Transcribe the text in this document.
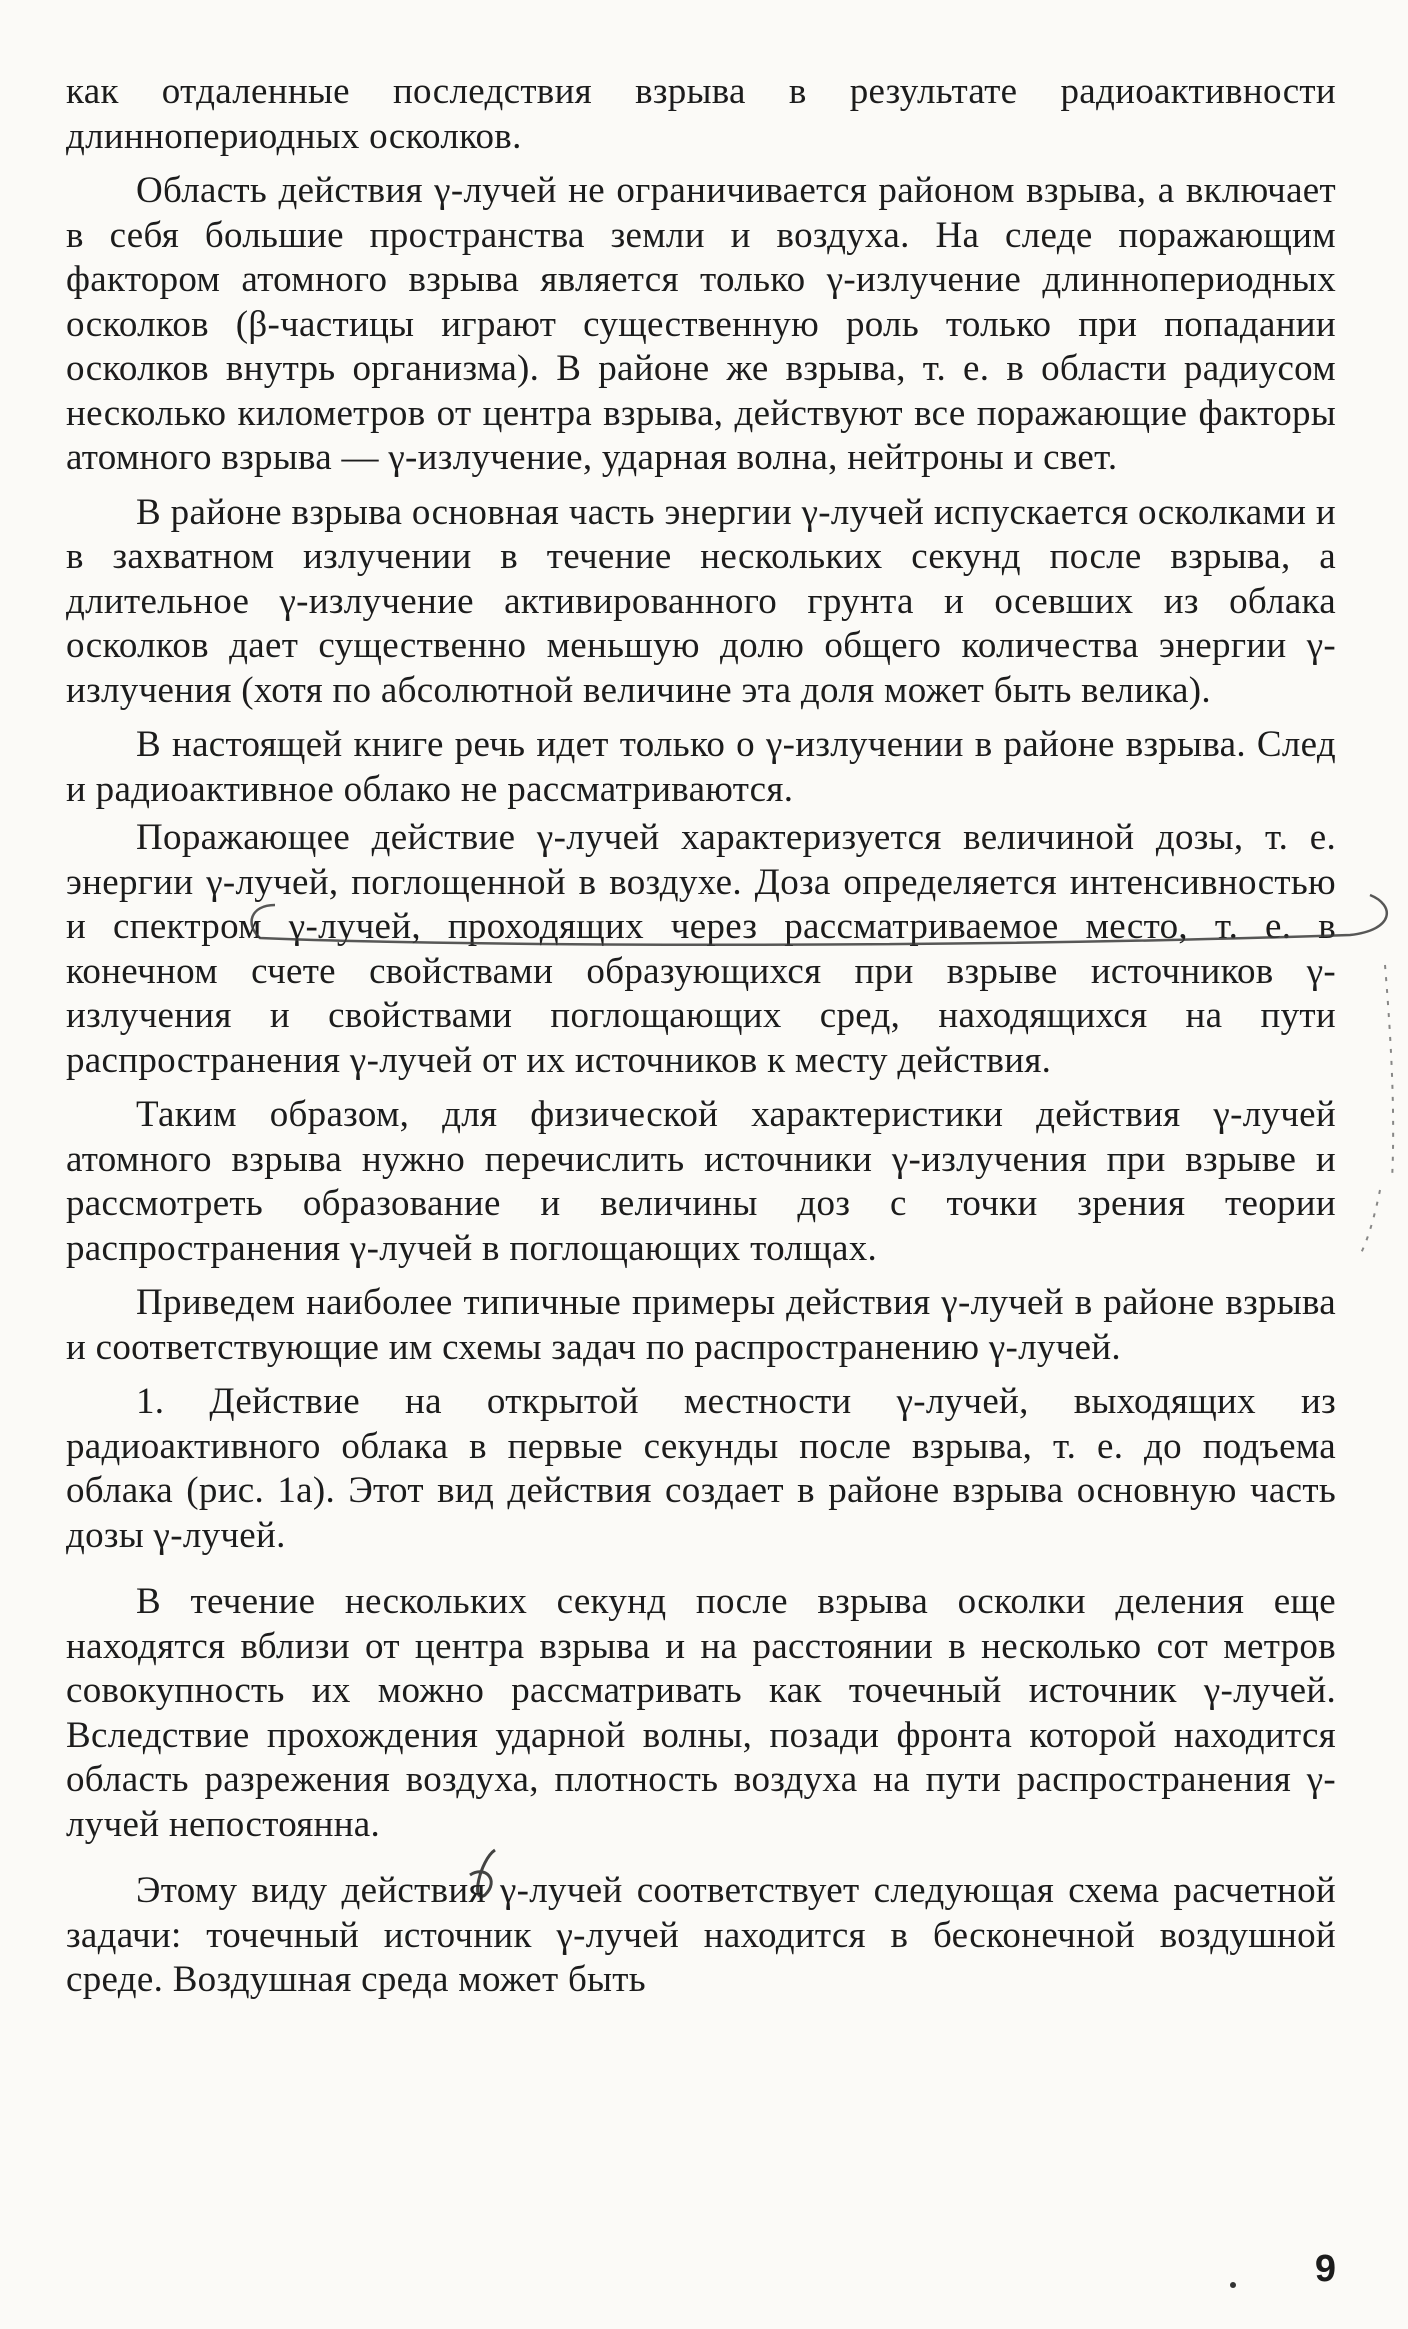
как отдаленные последствия взрыва в результате радиоактивности длиннопериодных осколков.

Область действия γ-лучей не ограничивается районом взрыва, а включает в себя большие пространства земли и воздуха. На следе поражающим фактором атомного взрыва является только γ-излучение длиннопериодных осколков (β-частицы играют существенную роль только при попадании осколков внутрь организма). В районе же взрыва, т. е. в области радиусом несколько километров от центра взрыва, действуют все поражающие факторы атомного взрыва — γ-излучение, ударная волна, нейтроны и свет.

В районе взрыва основная часть энергии γ-лучей испускается осколками и в захватном излучении в течение нескольких секунд после взрыва, а длительное γ-излучение активированного грунта и осевших из облака осколков дает существенно меньшую долю общего количества энергии γ-излучения (хотя по абсолютной величине эта доля может быть велика).

В настоящей книге речь идет только о γ-излучении в районе взрыва. След и радиоактивное облако не рассматриваются.

Поражающее действие γ-лучей характеризуется величиной дозы, т. е. энергии γ-лучей, поглощенной в воздухе. Доза определяется интенсивностью и спектром γ-лучей, проходящих через рассматриваемое место, т. е. в конечном счете свойствами образующихся при взрыве источников γ-излучения и свойствами поглощающих сред, находящихся на пути распространения γ-лучей от их источников к месту действия.

Таким образом, для физической характеристики действия γ-лучей атомного взрыва нужно перечислить источники γ-излучения при взрыве и рассмотреть образование и величины доз с точки зрения теории распространения γ-лучей в поглощающих толщах.

Приведем наиболее типичные примеры действия γ-лучей в районе взрыва и соответствующие им схемы задач по распространению γ-лучей.

1. Действие на открытой местности γ-лучей, выходящих из радиоактивного облака в первые секунды после взрыва, т. е. до подъема облака (рис. 1а). Этот вид действия создает в районе взрыва основную часть дозы γ-лучей.

В течение нескольких секунд после взрыва осколки деления еще находятся вблизи от центра взрыва и на расстоянии в несколько сот метров совокупность их можно рассматривать как точечный источник γ-лучей. Вследствие прохождения ударной волны, позади фронта которой находится область разрежения воздуха, плотность воздуха на пути распространения γ-лучей непостоянна.

Этому виду действия γ-лучей соответствует следующая схема расчетной задачи: точечный источник γ-лучей находится в бесконечной воздушной среде. Воздушная среда может быть

9
